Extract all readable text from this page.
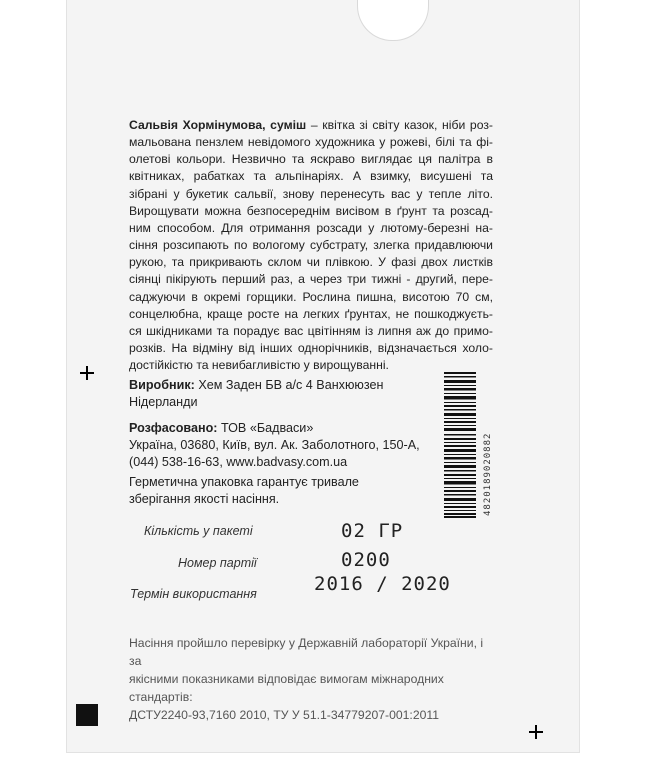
Сальвія Хормінумова, суміш – квітка зі світу казок, ніби роз- мальована пензлем невідомого художника у рожеві, білі та фі- олетові кольори. Незвично та яскраво виглядає ця палітра в квітниках, рабатках та альпінаріях. А взимку, висушені та зібрані у букетик сальвії, знову перенесуть вас у тепле літо. Вирощувати можна безпосереднім висівом в ґрунт та розсад- ним способом. Для отримання розсади у лютому-березні на- сіння розсипають по вологому субстрату, злегка придавлюючи рукою, та прикривають склом чи плівкою. У фазі двох листків сіянці пікірують перший раз, а через три тижні - другий, пере- саджуючи в окремі горщики. Рослина пишна, висотою 70 см, сонцелюбна, краще росте на легких ґрунтах, не пошкоджуєть- ся шкідниками та порадує вас цвітінням із липня аж до примо- розків. На відміну від інших однорічників, відзначається холо- достійкістю та невибагливістю у вирощуванні.
Виробник: Хем Заден БВ а/с 4 Ванхююзен
Нідерланди
Розфасовано: ТОВ «Бадваси»
Україна, 03680, Київ, вул. Ак. Заболотного, 150-А,
(044) 538-16-63, www.badvasy.com.ua
Герметична упаковка гарантує тривале
зберігання якості насіння.	4820189020882
Кількість у пакеті	02 ГР
Номер партії	0200
Термін використання	2016 / 2020
Насіння пройшло перевірку у Державній лабораторії України, і за
якісними показниками відповідає вимогам міжнародних стандартів:
ДСТУ2240-93,7160 2010, ТУ У 51.1-34779207-001:2011
